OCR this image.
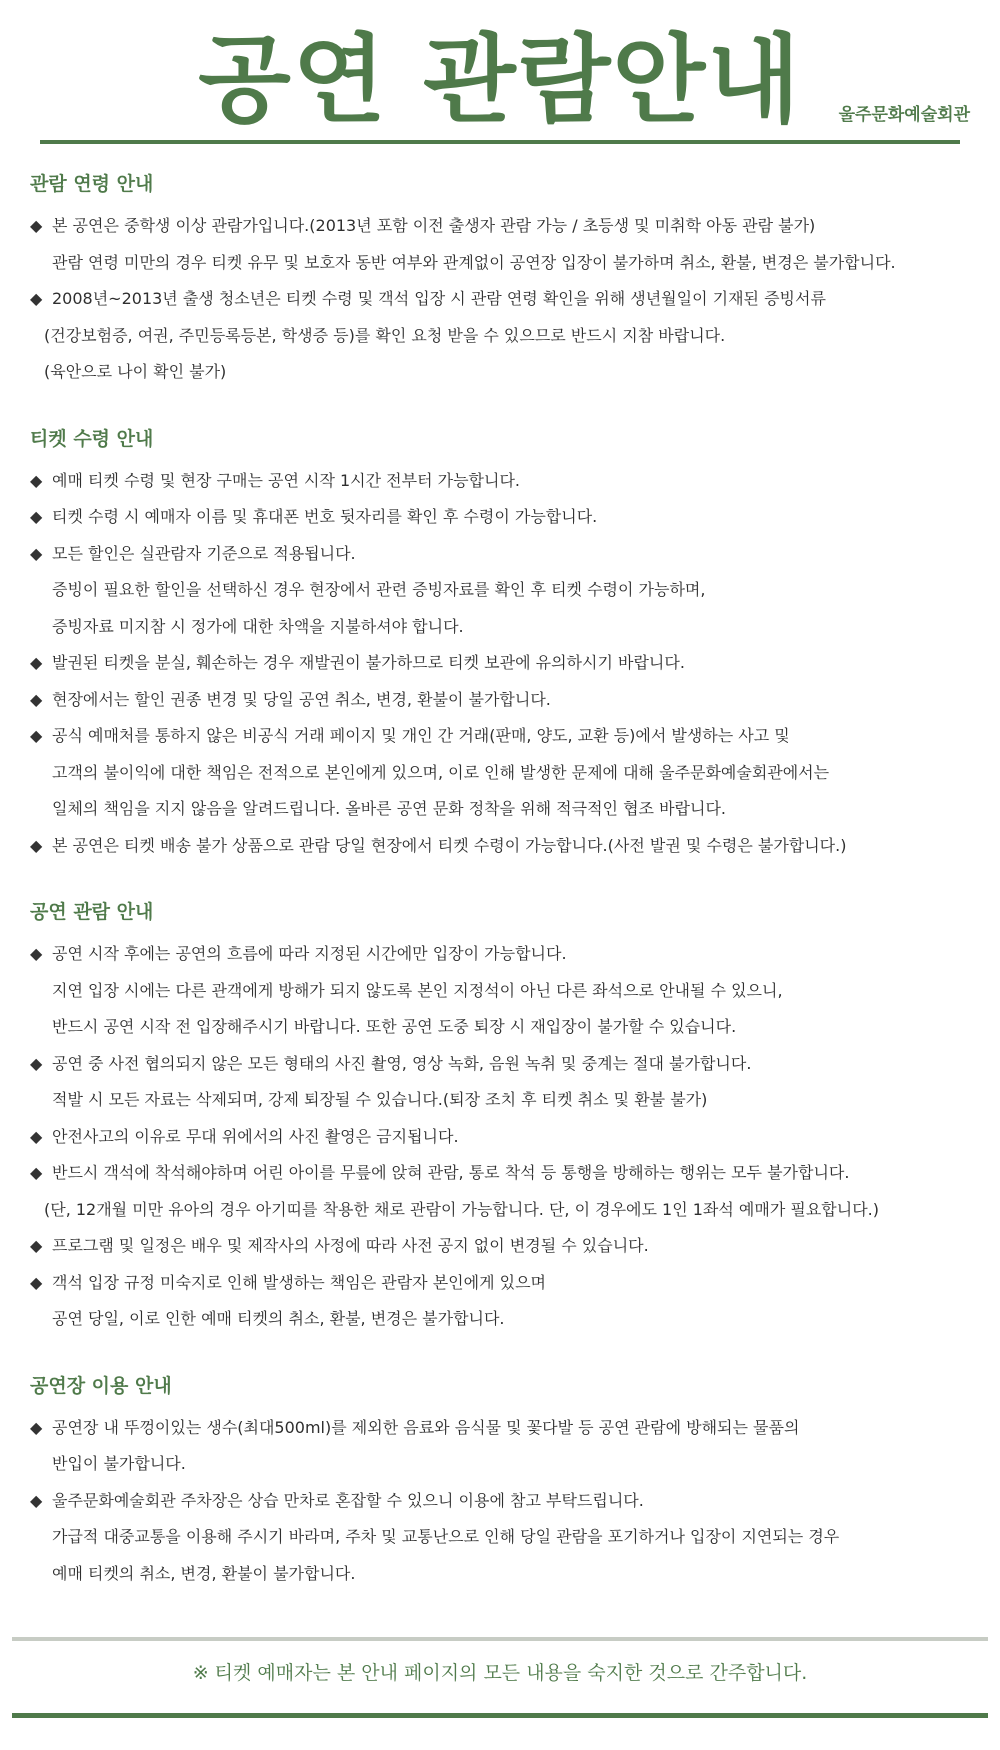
공연 관람안내	울주문화예술회관
관람 연령 안내
◆ 본 공연은 중학생 이상 관람가입니다.(2013년 포함 이전 출생자 관람 가능 / 초등생 및 미취학 아동 관람 불가)
관람 연령 미만의 경우 티켓 유무 및 보호자 동반 여부와 관계없이 공연장 입장이 불가하며 취소, 환불, 변경은 불가합니다.
◆ 2008년~2013년 출생 청소년은 티켓 수령 및 객석 입장 시 관람 연령 확인을 위해 생년월일이 기재된 증빙서류
(건강보험증, 여권, 주민등록등본, 학생증 등)를 확인 요청 받을 수 있으므로 반드시 지참 바랍니다.
(육안으로 나이 확인 불가)
티켓 수령 안내
◆ 예매 티켓 수령 및 현장 구매는 공연 시작 1시간 전부터 가능합니다.
◆ 티켓 수령 시 예매자 이름 및 휴대폰 번호 뒷자리를 확인 후 수령이 가능합니다.
◆ 모든 할인은 실관람자 기준으로 적용됩니다.
증빙이 필요한 할인을 선택하신 경우 현장에서 관련 증빙자료를 확인 후 티켓 수령이 가능하며,
증빙자료 미지참 시 정가에 대한 차액을 지불하셔야 합니다.
◆ 발권된 티켓을 분실, 훼손하는 경우 재발권이 불가하므로 티켓 보관에 유의하시기 바랍니다.
◆ 현장에서는 할인 권종 변경 및 당일 공연 취소, 변경, 환불이 불가합니다.
◆ 공식 예매처를 통하지 않은 비공식 거래 페이지 및 개인 간 거래(판매, 양도, 교환 등)에서 발생하는 사고 및
고객의 불이익에 대한 책임은 전적으로 본인에게 있으며, 이로 인해 발생한 문제에 대해 울주문화예술회관에서는
일체의 책임을 지지 않음을 알려드립니다. 올바른 공연 문화 정착을 위해 적극적인 협조 바랍니다.
◆ 본 공연은 티켓 배송 불가 상품으로 관람 당일 현장에서 티켓 수령이 가능합니다.(사전 발권 및 수령은 불가합니다.)
공연 관람 안내
◆ 공연 시작 후에는 공연의 흐름에 따라 지정된 시간에만 입장이 가능합니다.
지연 입장 시에는 다른 관객에게 방해가 되지 않도록 본인 지정석이 아닌 다른 좌석으로 안내될 수 있으니,
반드시 공연 시작 전 입장해주시기 바랍니다. 또한 공연 도중 퇴장 시 재입장이 불가할 수 있습니다.
◆ 공연 중 사전 협의되지 않은 모든 형태의 사진 촬영, 영상 녹화, 음원 녹취 및 중계는 절대 불가합니다.
적발 시 모든 자료는 삭제되며, 강제 퇴장될 수 있습니다.(퇴장 조치 후 티켓 취소 및 환불 불가)
◆ 안전사고의 이유로 무대 위에서의 사진 촬영은 금지됩니다.
◆ 반드시 객석에 착석해야하며 어린 아이를 무릎에 앉혀 관람, 통로 착석 등 통행을 방해하는 행위는 모두 불가합니다.
(단, 12개월 미만 유아의 경우 아기띠를 착용한 채로 관람이 가능합니다. 단, 이 경우에도 1인 1좌석 예매가 필요합니다.)
◆ 프로그램 및 일정은 배우 및 제작사의 사정에 따라 사전 공지 없이 변경될 수 있습니다.
◆ 객석 입장 규정 미숙지로 인해 발생하는 책임은 관람자 본인에게 있으며
공연 당일, 이로 인한 예매 티켓의 취소, 환불, 변경은 불가합니다.
공연장 이용 안내
◆ 공연장 내 뚜껑이있는 생수(최대500ml)를 제외한 음료와 음식물 및 꽃다발 등 공연 관람에 방해되는 물품의
반입이 불가합니다.
◆ 울주문화예술회관 주차장은 상습 만차로 혼잡할 수 있으니 이용에 참고 부탁드립니다.
가급적 대중교통을 이용해 주시기 바라며, 주차 및 교통난으로 인해 당일 관람을 포기하거나 입장이 지연되는 경우
예매 티켓의 취소, 변경, 환불이 불가합니다.
※ 티켓 예매자는 본 안내 페이지의 모든 내용을 숙지한 것으로 간주합니다.
